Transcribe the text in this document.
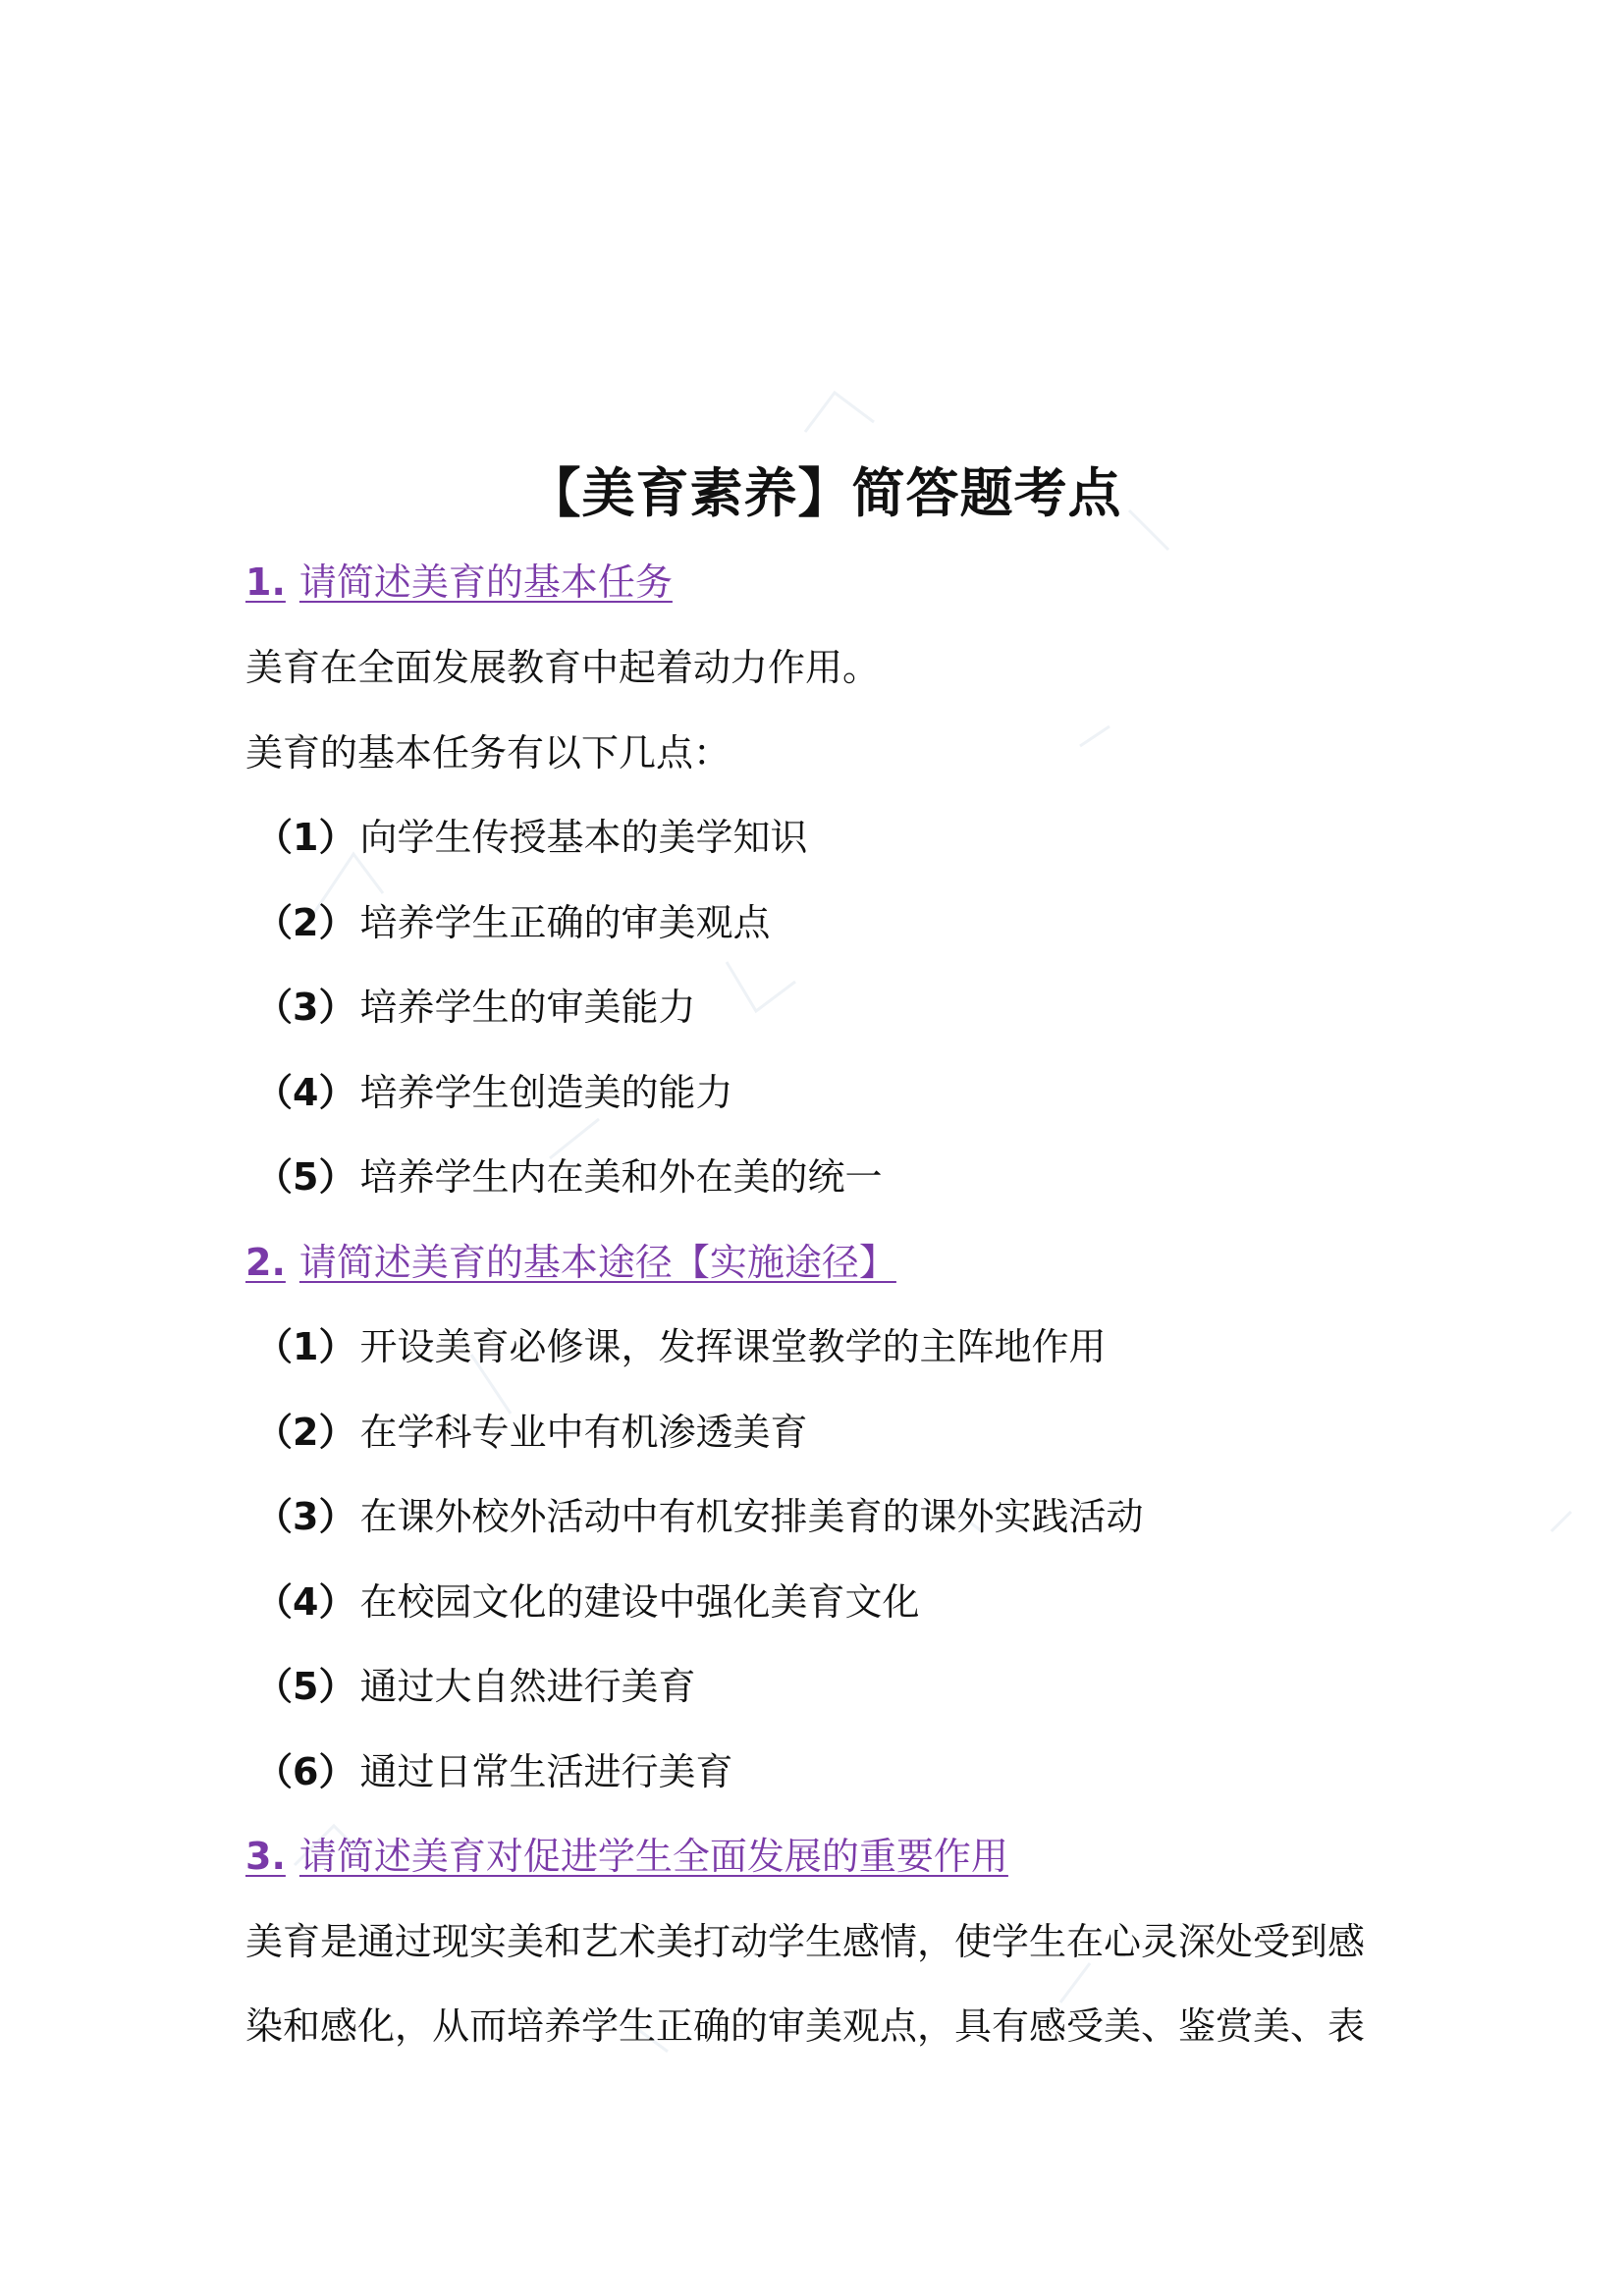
【美育素养】简答题考点
1. 请简述美育的基本任务

美育在全面发展教育中起着动力作用。

美育的基本任务有以下几点：

（1） 向学生传授基本的美学知识
（2） 培养学生正确的审美观点
（3） 培养学生的审美能力
（4） 培养学生创造美的能力
（5） 培养学生内在美和外在美的统一
2. 请简述美育的基本途径【实施途径】
（1） 开设美育必修课，发挥课堂教学的主阵地作用
（2） 在学科专业中有机渗透美育
（3） 在课外校外活动中有机安排美育的课外实践活动
（4） 在校园文化的建设中强化美育文化
（5） 通过大自然进行美育
（6） 通过日常生活进行美育
3. 请简述美育对促进学生全面发展的重要作用

美育是通过现实美和艺术美打动学生感情，使学生在心灵深处受到感

染和感化，从而培养学生正确的审美观点，具有感受美、鉴赏美、表
